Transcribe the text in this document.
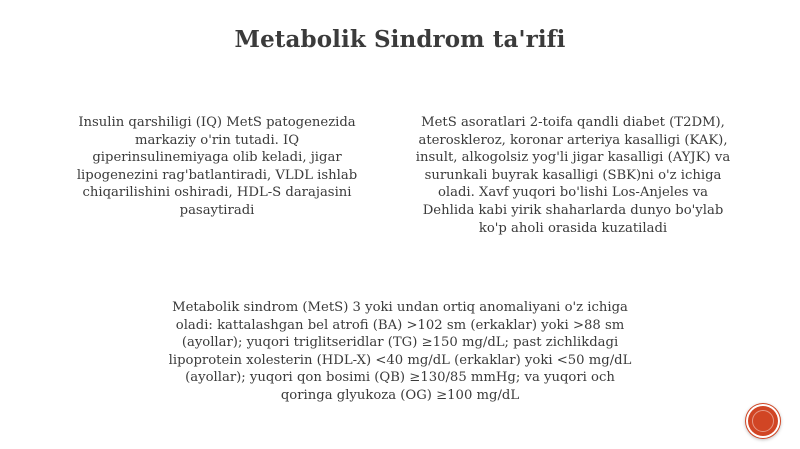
Metabolik Sindrom ta'rifi

Insulin qarshiligi (IQ) MetS patogenezida

markaziy o'rin tutadi. IQ

giperinsulinemiyaga olib keladi, jigar

lipogenezini rag'batlantiradi, VLDL ishlab

chiqarilishini oshiradi, HDL-S darajasini

pasaytiradi

MetS asoratlari 2-toifa qandli diabet (T2DM),

ateroskleroz, koronar arteriya kasalligi (KAK),

insult, alkogolsiz yog'li jigar kasalligi (AYJK) va

surunkali buyrak kasalligi (SBK)ni o'z ichiga

oladi. Xavf yuqori bo'lishi Los-Anjeles va

Dehlida kabi yirik shaharlarda dunyo bo'ylab

ko'p aholi orasida kuzatiladi

Metabolik sindrom (MetS) 3 yoki undan ortiq anomaliyani o'z ichiga

oladi: kattalashgan bel atrofi (BA) >102 sm (erkaklar) yoki >88 sm

(ayollar); yuqori triglitseridlar (TG) ≥150 mg/dL; past zichlikdagi

lipoprotein xolesterin (HDL-X) <40 mg/dL (erkaklar) yoki <50 mg/dL

(ayollar); yuqori qon bosimi (QB) ≥130/85 mmHg; va yuqori och

qoringa glyukoza (OG) ≥100 mg/dL
